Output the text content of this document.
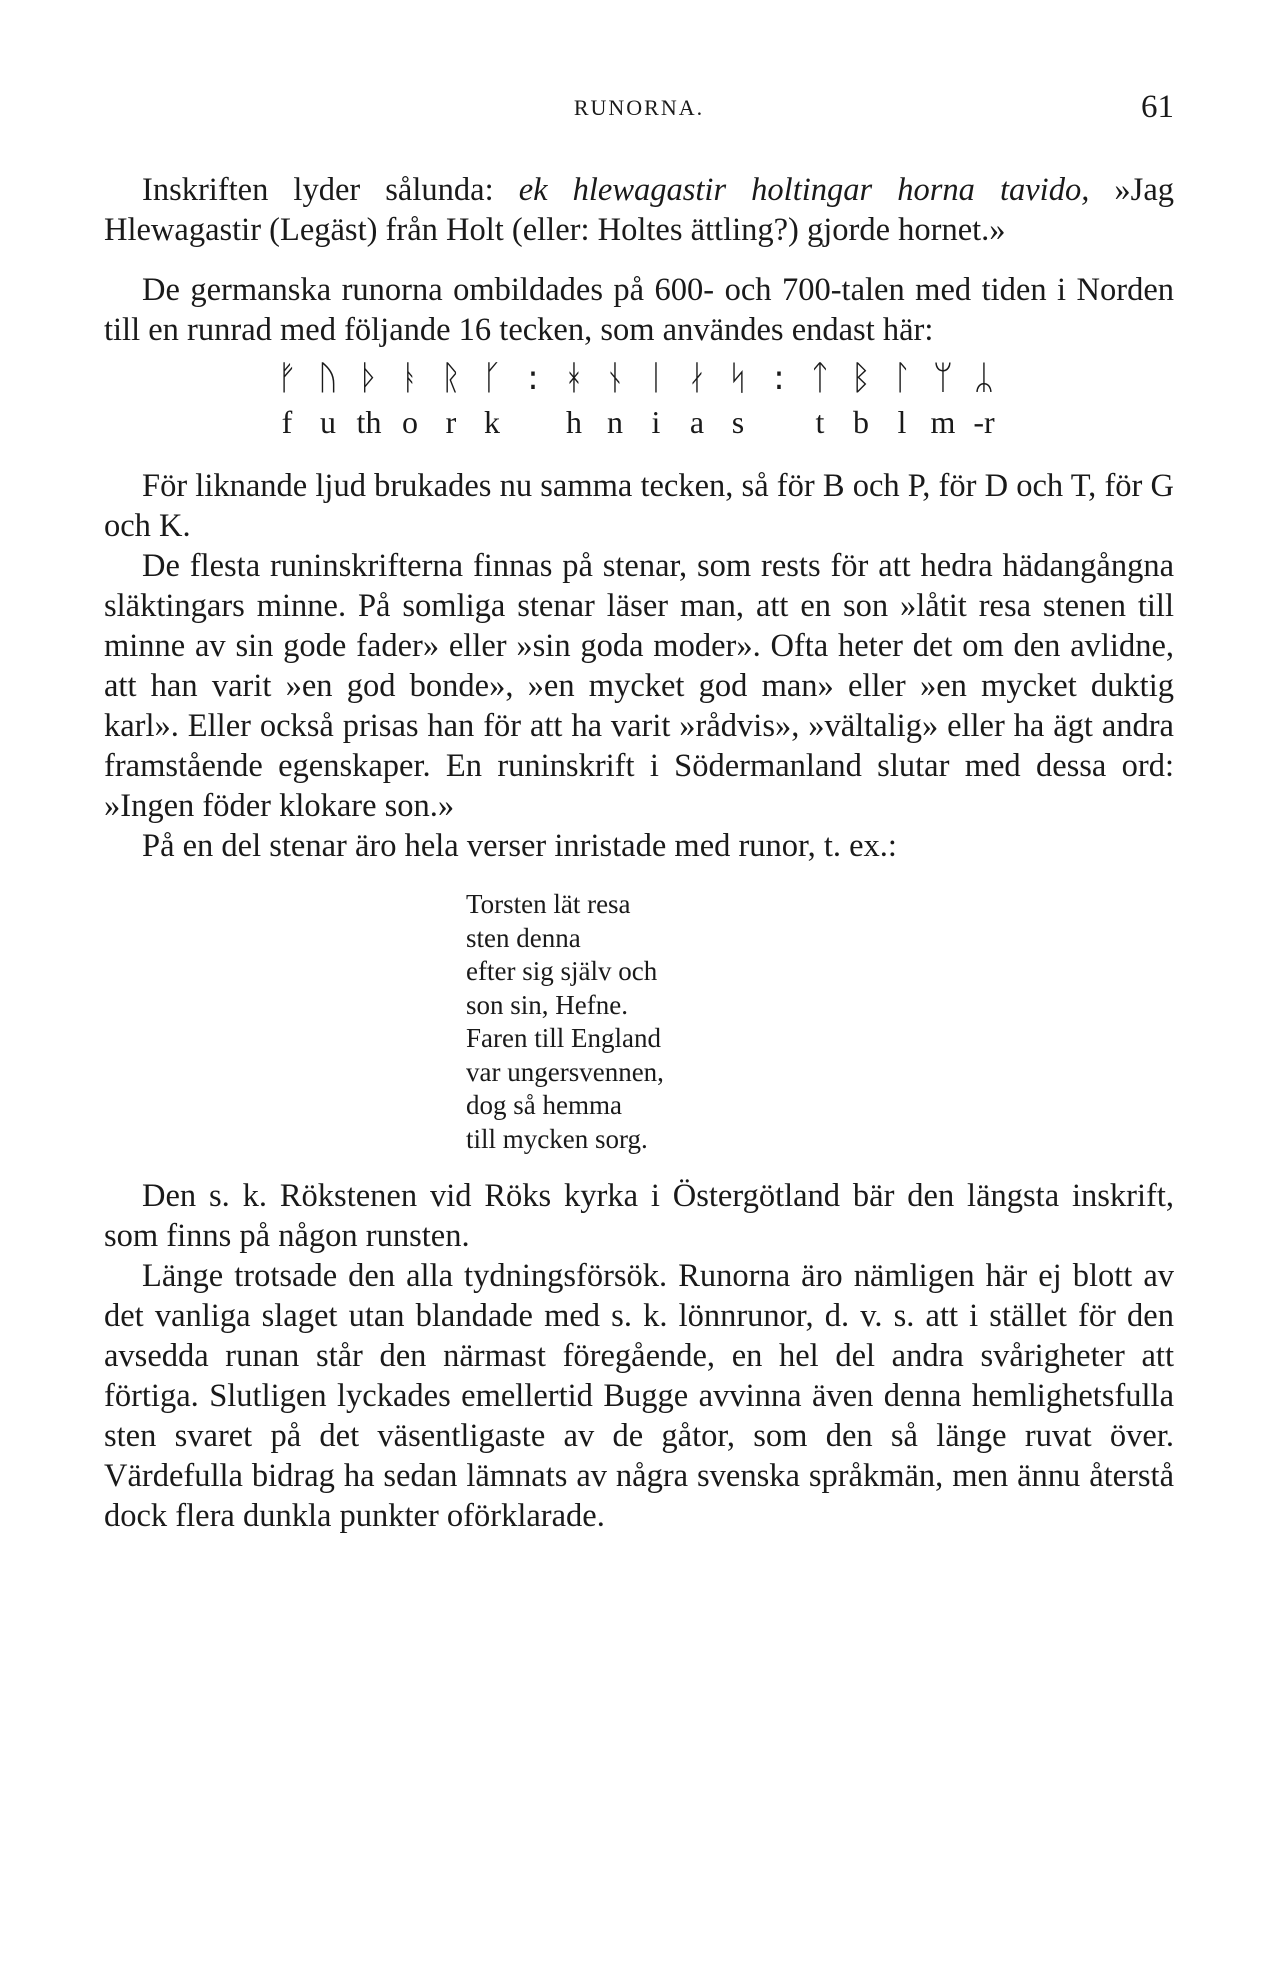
RUNORNA.	61

Inskriften lyder sålunda: ek hlewagastir holtingar horna tavido, »Jag Hlewagastir (Legäst) från Holt (eller: Holtes ättling?) gjorde hornet.»

De germanska runorna ombildades på 600- och 700-talen med tiden i Norden till en runrad med följande 16 tecken, som användes endast här:

ᚠ ᚢ ᚦ ᚭ ᚱ ᚴ : ᚼ ᚾ ᛁ ᛅ ᛋ : ᛏ ᛒ ᛚ ᛘ ᛦ
f u th o r k h n i a s	t b l m -r

För liknande ljud brukades nu samma tecken, så för B och P, för D och T, för G och K.

De flesta runinskrifterna finnas på stenar, som rests för att hedra hädangångna släktingars minne. På somliga stenar läser man, att en son »låtit resa stenen till minne av sin gode fader» eller »sin goda moder». Ofta heter det om den avlidne, att han varit »en god bonde», »en mycket god man» eller »en mycket duktig karl». Eller också prisas han för att ha varit »rådvis», »vältalig» eller ha ägt andra framstående egenskaper. En runinskrift i Södermanland slutar med dessa ord: »Ingen föder klokare son.»

På en del stenar äro hela verser inristade med runor, t. ex.:

Torsten lät resa
sten denna
efter sig själv och
son sin, Hefne.
Faren till England
var ungersvennen,
dog så hemma
till mycken sorg.

Den s. k. Rökstenen vid Röks kyrka i Östergötland bär den längsta inskrift, som finns på någon runsten.

Länge trotsade den alla tydningsförsök. Runorna äro nämligen här ej blott av det vanliga slaget utan blandade med s. k. lönnrunor, d. v. s. att i stället för den avsedda runan står den närmast föregående, en hel del andra svårigheter att förtiga. Slutligen lyckades emellertid Bugge avvinna även denna hemlighetsfulla sten svaret på det väsentligaste av de gåtor, som den så länge ruvat över. Värdefulla bidrag ha sedan lämnats av några svenska språkmän, men ännu återstå dock flera dunkla punkter oförklarade.
